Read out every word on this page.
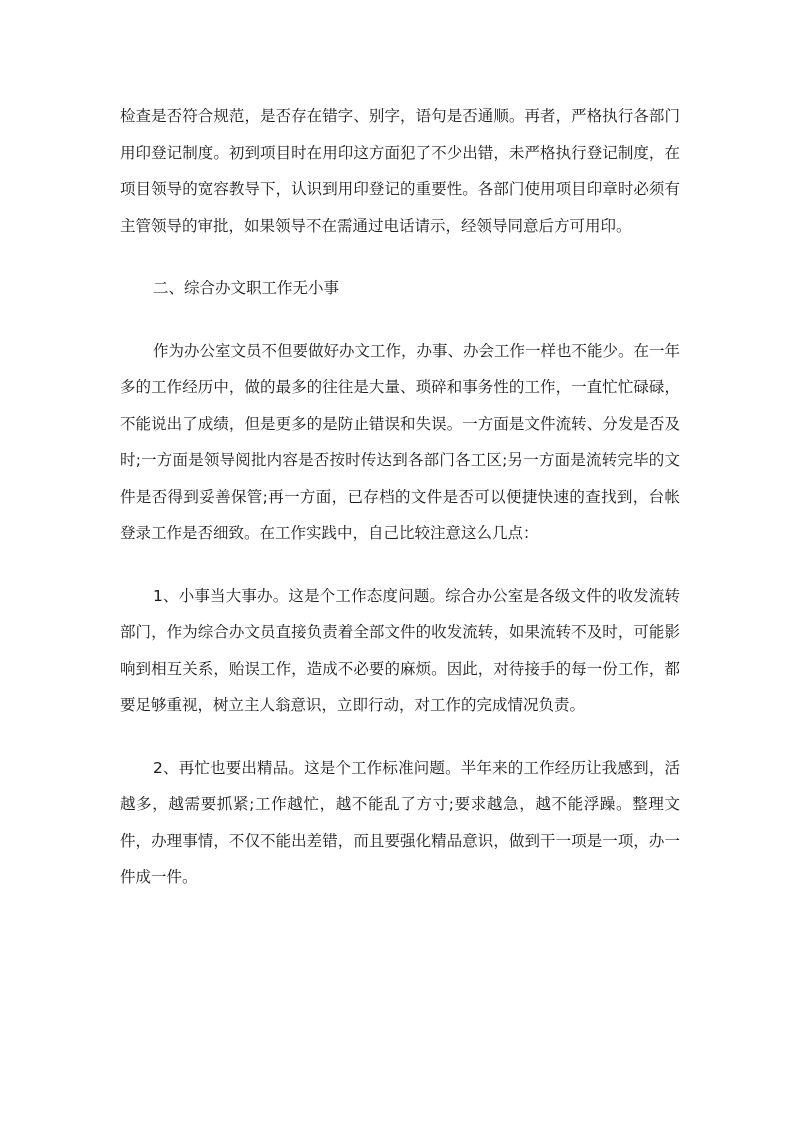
检查是否符合规范，是否存在错字、别字，语句是否通顺。再者，严格执行各部门用印登记制度。初到项目时在用印这方面犯了不少出错，未严格执行登记制度，在项目领导的宽容教导下，认识到用印登记的重要性。各部门使用项目印章时必须有主管领导的审批，如果领导不在需通过电话请示，经领导同意后方可用印。

二、综合办文职工作无小事

作为办公室文员不但要做好办文工作，办事、办会工作一样也不能少。在一年多的工作经历中，做的最多的往往是大量、琐碎和事务性的工作，一直忙忙碌碌，不能说出了成绩，但是更多的是防止错误和失误。一方面是文件流转、分发是否及时;一方面是领导阅批内容是否按时传达到各部门各工区;另一方面是流转完毕的文件是否得到妥善保管;再一方面，已存档的文件是否可以便捷快速的查找到，台帐登录工作是否细致。在工作实践中，自己比较注意这么几点：

1、小事当大事办。这是个工作态度问题。综合办公室是各级文件的收发流转部门，作为综合办文员直接负责着全部文件的收发流转，如果流转不及时，可能影响到相互关系，贻误工作，造成不必要的麻烦。因此，对待接手的每一份工作，都要足够重视，树立主人翁意识，立即行动，对工作的完成情况负责。

2、再忙也要出精品。这是个工作标准问题。半年来的工作经历让我感到，活越多，越需要抓紧;工作越忙，越不能乱了方寸;要求越急，越不能浮躁。整理文件，办理事情，不仅不能出差错，而且要强化精品意识，做到干一项是一项，办一件成一件。
